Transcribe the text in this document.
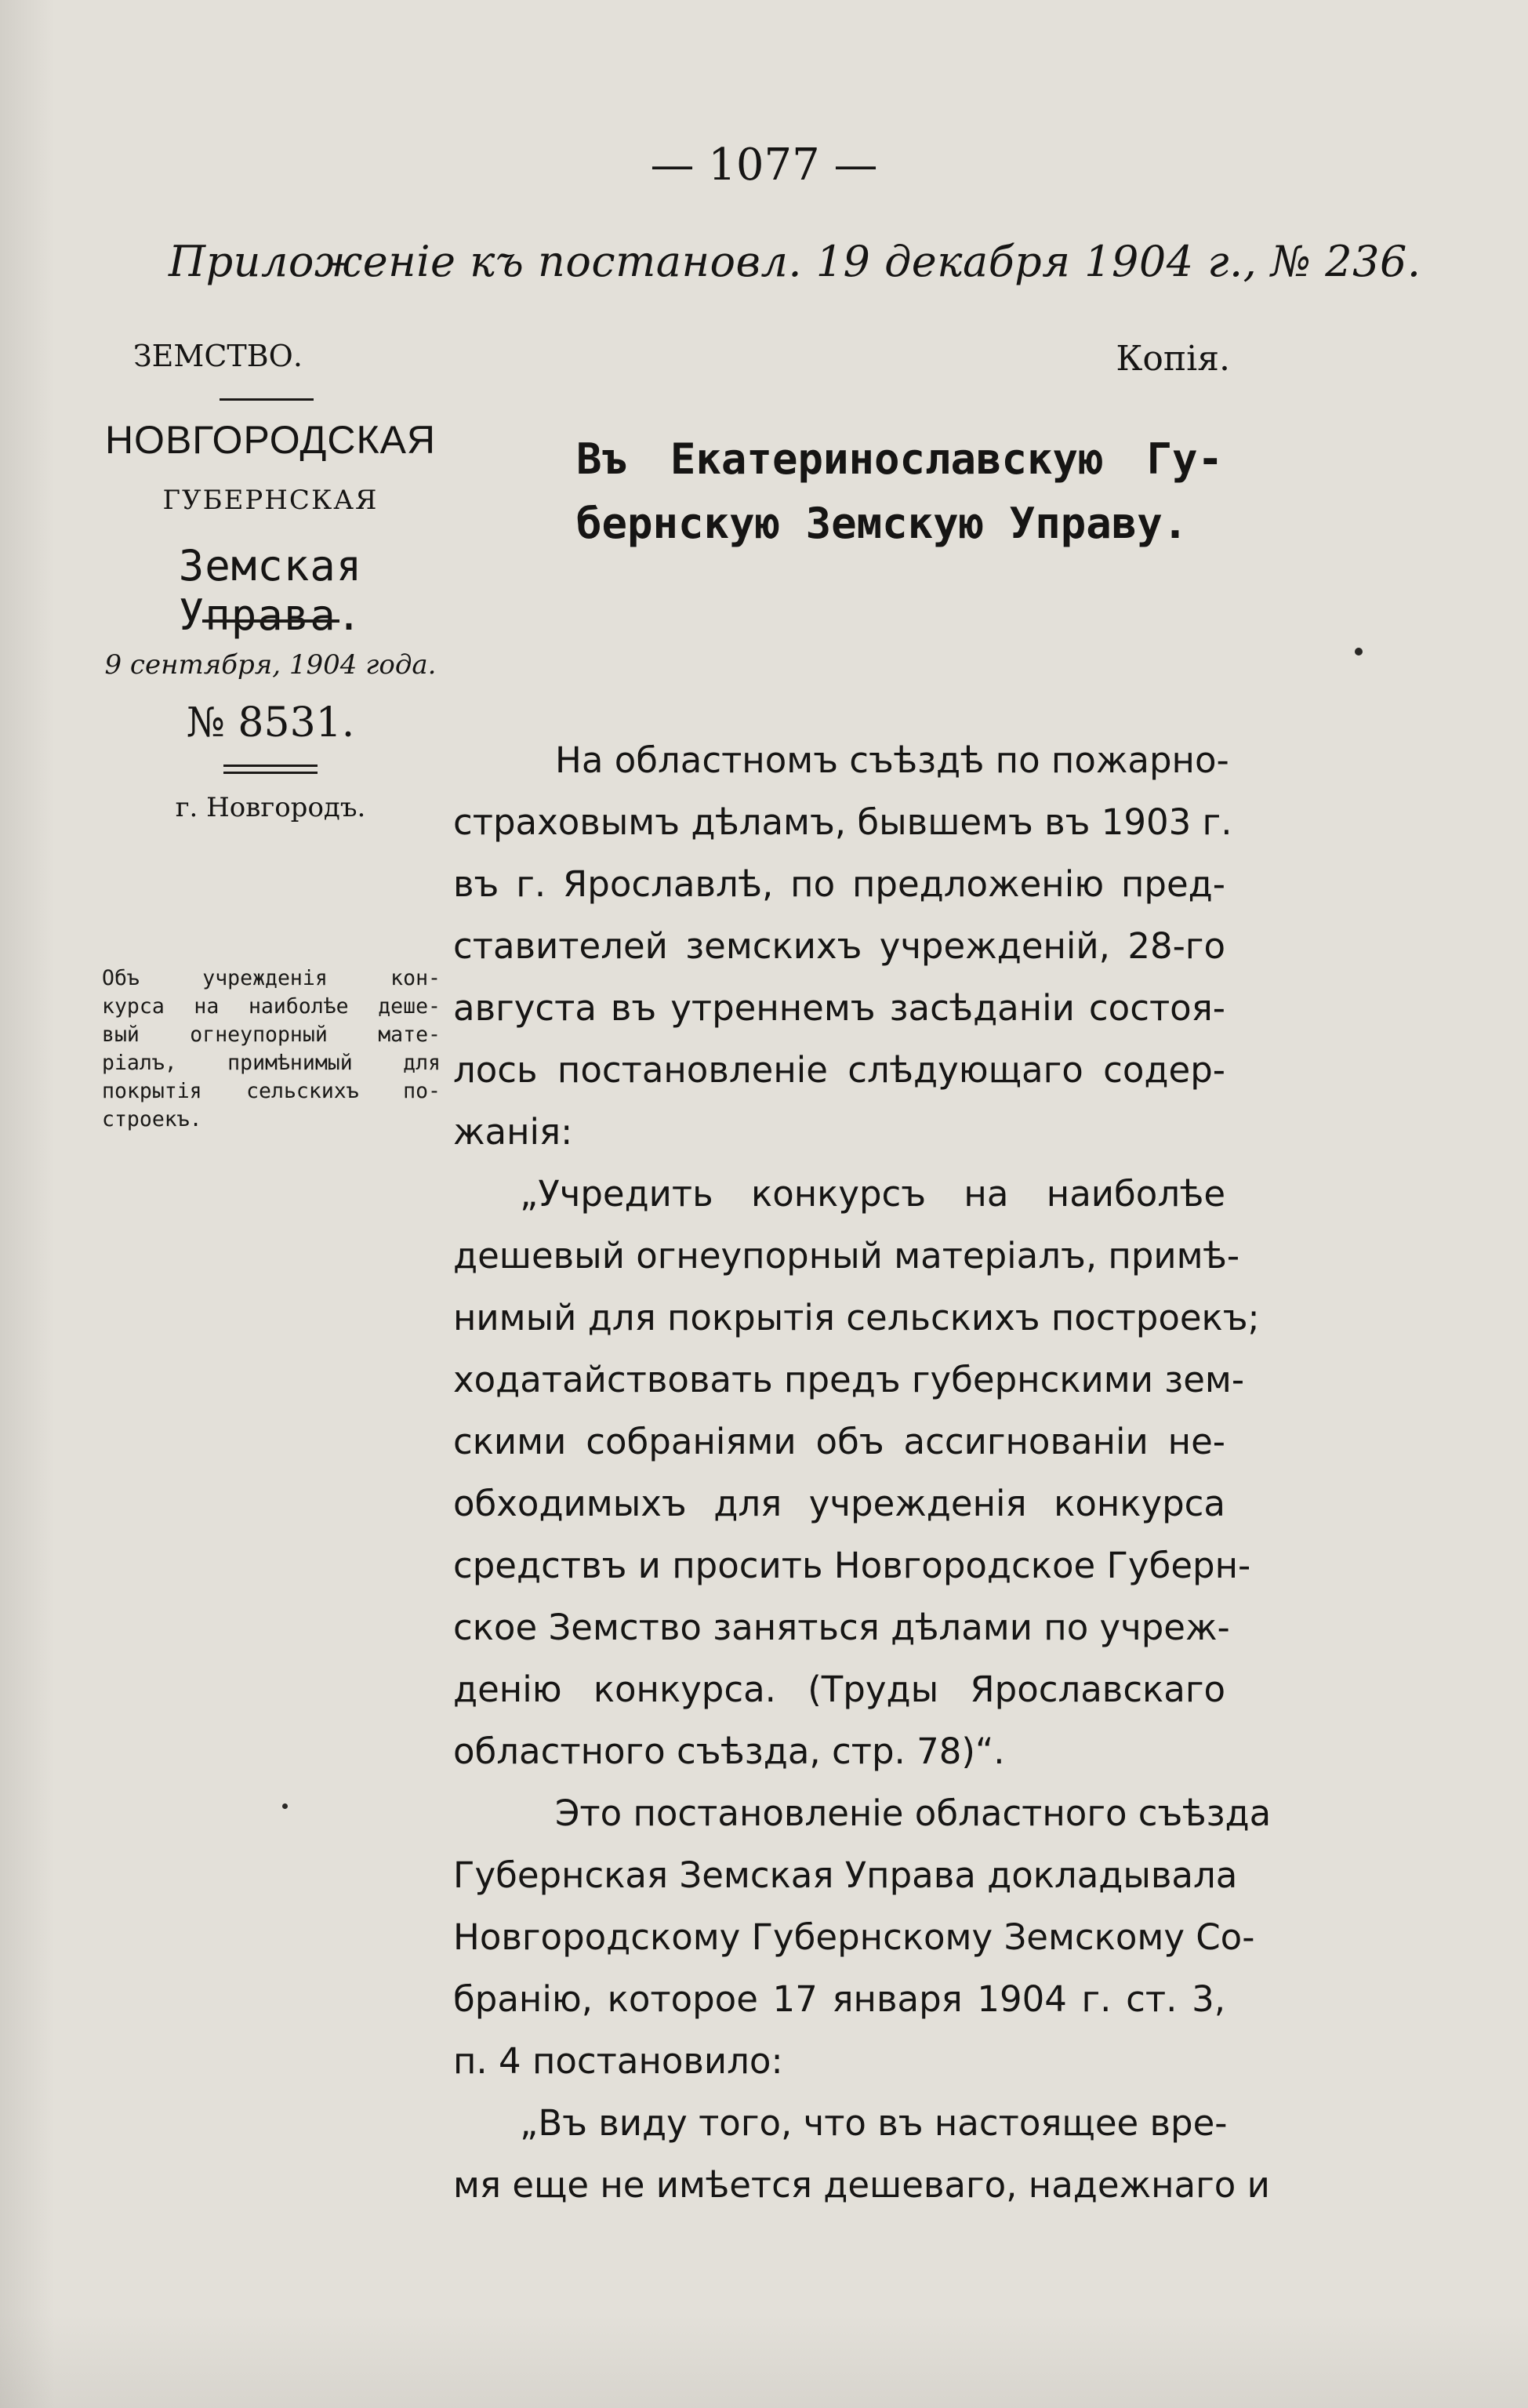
— 1077 —
Приложенiе къ постановл. 19 декабря 1904 г., № 236.
Копія.
ЗЕМСТВО.
НОВГОРОДСКАЯ
ГУБЕРНСКАЯ
Земская Управа.
9 сентября, 1904 года.
№ 8531.
г. Новгородъ.
Объ учрежденія кон-
курса на наиболѣе деше-
вый огнеупорный мате-
ріалъ, примѣнимый для
покрытія сельскихъ по-
строекъ.
Въ Екатеринославскую Гу-
бернскую Земскую Управу.
На областномъ съѣздѣ по пожарно-
страховымъ дѣламъ, бывшемъ въ 1903 г.
въ г. Ярославлѣ, по предложенію пред-
ставителей земскихъ учрежденій, 28-го
августа въ утреннемъ засѣданіи состоя-
лось постановленіе слѣдующаго содер-
жанія:
„Учредить конкурсъ на наиболѣе
дешевый огнеупорный матеріалъ, примѣ-
нимый для покрытія сельскихъ построекъ;
ходатайствовать предъ губернскими зем-
скими собраніями объ ассигнованіи не-
обходимыхъ для учрежденія конкурса
средствъ и просить Новгородское Губерн-
ское Земство заняться дѣлами по учреж-
денію конкурса. (Труды Ярославскаго
областного съѣзда, стр. 78)“.
Это постановленіе областного съѣзда
Губернская Земская Управа докладывала
Новгородскому Губернскому Земскому Со-
бранію, которое 17 января 1904 г. ст. 3,
п. 4 постановило:
„Въ виду того, что въ настоящее вре-
мя еще не имѣется дешеваго, надежнаго и
